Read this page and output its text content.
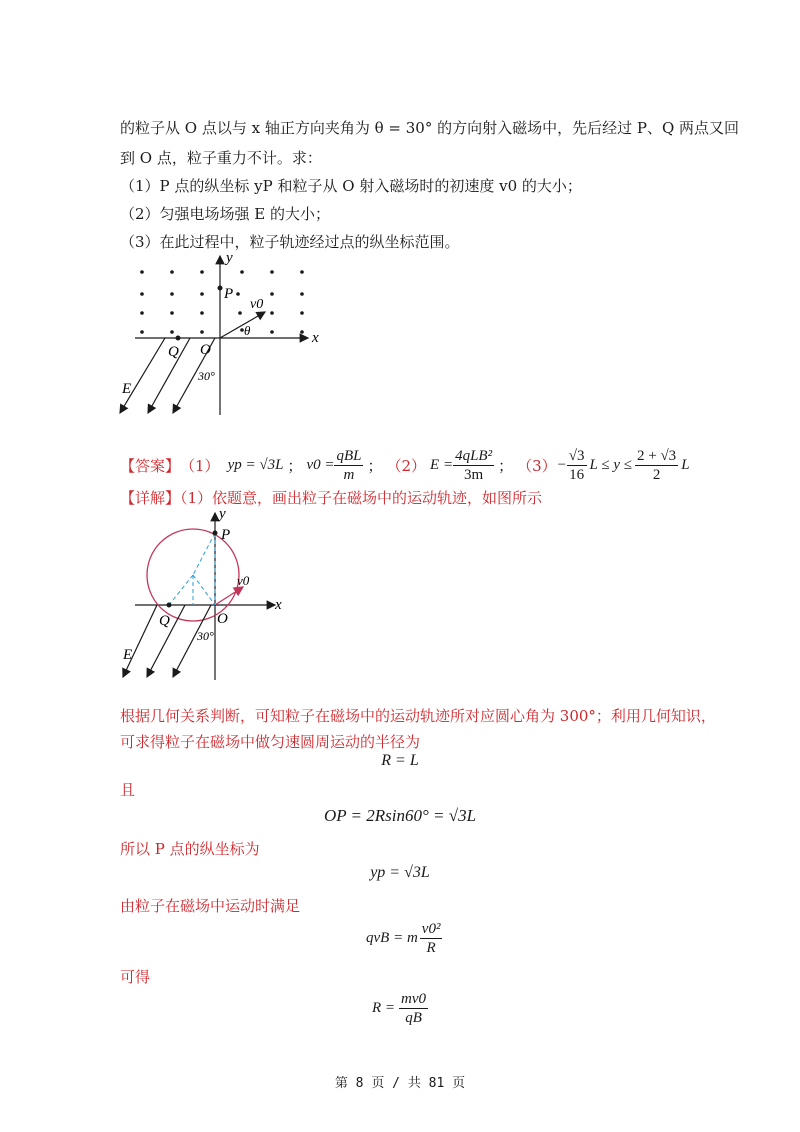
的粒子从 O 点以与 x 轴正方向夹角为 θ = 30° 的方向射入磁场中，先后经过 P、Q 两点又回
到 O 点，粒子重力不计。求：
（1）P 点的纵坐标 yP 和粒子从 O 射入磁场时的初速度 v0 的大小；
（2）匀强电场场强 E 的大小；
（3）在此过程中，粒子轨迹经过点的纵坐标范围。
y
x
P
Q O
E
v0
θ
30°
【答案】 （1） yp = √3L ； $v0 = \frac{\text{qBL}}{m}$ ； （2） $E = \frac{\text{4qLB²}}{3m}$ ； $(3) - \frac{√3}{16}$ $L \le y \le \frac{2 + √3}{2}$ L
【详解】（1）依题意，画出粒子在磁场中的运动轨迹，如图所示
y
x
P
Q	O
E
v0
30°
根据几何关系判断，可知粒子在磁场中的运动轨迹所对应圆心角为 300°；利用几何知识，
可求得粒子在磁场中做匀速圆周运动的半径为
R = L
且
OP = 2Rsin60° = √3L
所以 P 点的纵坐标为
yp = √3L
由粒子在磁场中运动时满足
qvB = m $\frac{\text{v0²}}{R}$
可得
$R = \frac{mv0}{qB}$
第 8 页 / 共 81 页
